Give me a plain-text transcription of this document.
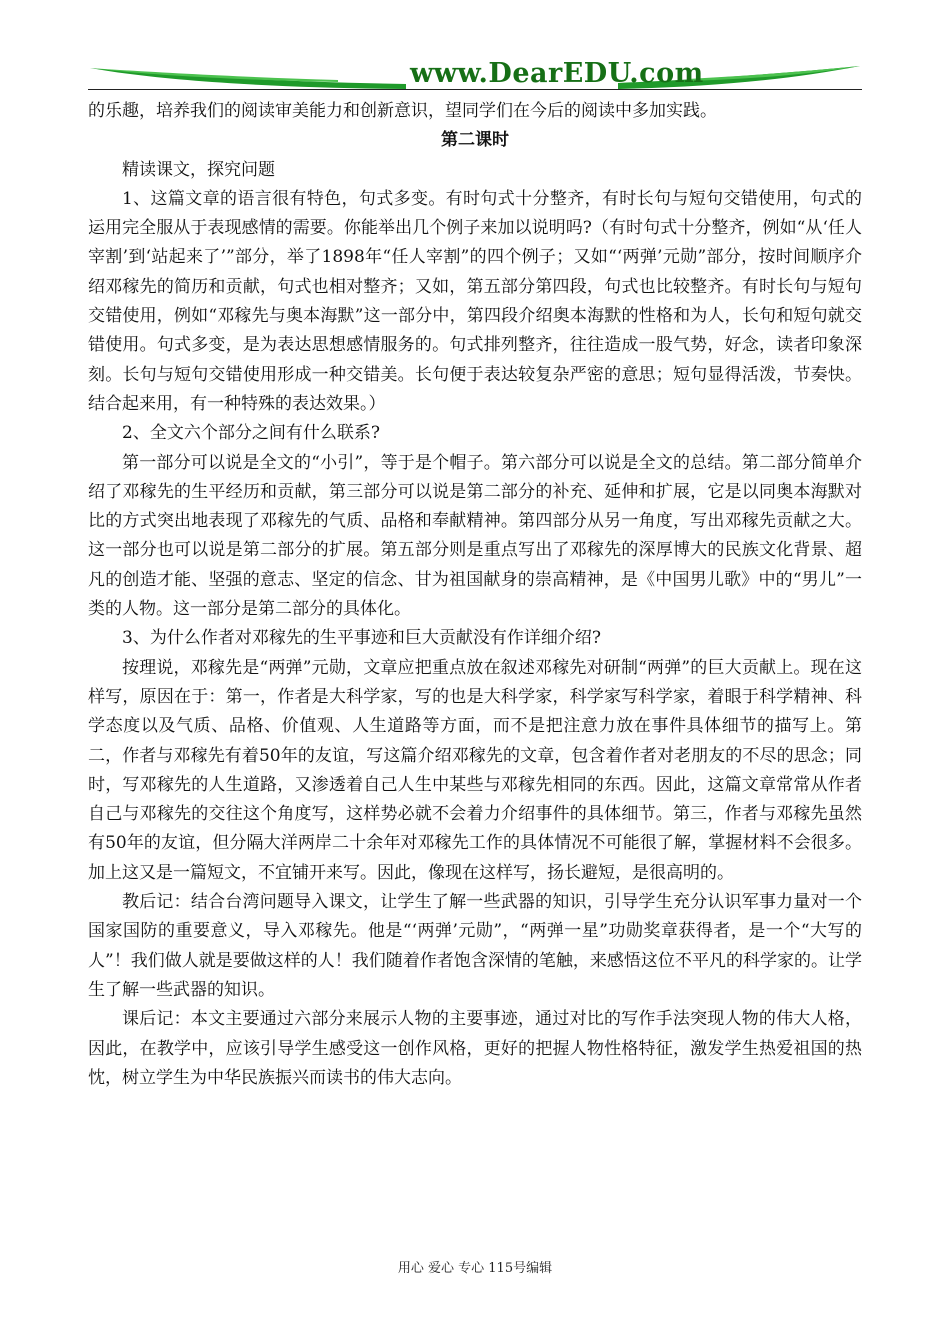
www.DearEDU.com

的乐趣，培养我们的阅读审美能力和创新意识，望同学们在今后的阅读中多加实践。

第二课时

精读课文，探究问题

1、这篇文章的语言很有特色，句式多变。有时句式十分整齐，有时长句与短句交错使用，句式的运用完全服从于表现感情的需要。你能举出几个例子来加以说明吗?（有时句式十分整齐，例如“从‘任人宰割’到‘站起来了’”部分，举了1898年“任人宰割”的四个例子；又如“‘两弹’元勋”部分，按时间顺序介绍邓稼先的简历和贡献，句式也相对整齐；又如，第五部分第四段，句式也比较整齐。有时长句与短句交错使用，例如“邓稼先与奥本海默”这一部分中，第四段介绍奥本海默的性格和为人，长句和短句就交错使用。句式多变，是为表达思想感情服务的。句式排列整齐，往往造成一股气势，好念，读者印象深刻。长句与短句交错使用形成一种交错美。长句便于表达较复杂严密的意思；短句显得活泼，节奏快。结合起来用，有一种特殊的表达效果。）

2、全文六个部分之间有什么联系?

第一部分可以说是全文的“小引”，等于是个帽子。第六部分可以说是全文的总结。第二部分简单介绍了邓稼先的生平经历和贡献，第三部分可以说是第二部分的补充、延伸和扩展，它是以同奥本海默对比的方式突出地表现了邓稼先的气质、品格和奉献精神。第四部分从另一角度，写出邓稼先贡献之大。这一部分也可以说是第二部分的扩展。第五部分则是重点写出了邓稼先的深厚博大的民族文化背景、超凡的创造才能、坚强的意志、坚定的信念、甘为祖国献身的崇高精神，是《中国男儿歌》中的“男儿”一类的人物。这一部分是第二部分的具体化。

3、为什么作者对邓稼先的生平事迹和巨大贡献没有作详细介绍?

按理说，邓稼先是“两弹”元勋，文章应把重点放在叙述邓稼先对研制“两弹”的巨大贡献上。现在这样写，原因在于：第一，作者是大科学家，写的也是大科学家，科学家写科学家，着眼于科学精神、科学态度以及气质、品格、价值观、人生道路等方面，而不是把注意力放在事件具体细节的描写上。第二，作者与邓稼先有着50年的友谊，写这篇介绍邓稼先的文章，包含着作者对老朋友的不尽的思念；同时，写邓稼先的人生道路，又渗透着自己人生中某些与邓稼先相同的东西。因此，这篇文章常常从作者自己与邓稼先的交往这个角度写，这样势必就不会着力介绍事件的具体细节。第三，作者与邓稼先虽然有50年的友谊，但分隔大洋两岸二十余年对邓稼先工作的具体情况不可能很了解，掌握材料不会很多。加上这又是一篇短文，不宜铺开来写。因此，像现在这样写，扬长避短，是很高明的。

教后记：结合台湾问题导入课文，让学生了解一些武器的知识，引导学生充分认识军事力量对一个国家国防的重要意义，导入邓稼先。他是“‘两弹’元勋”，“两弹一星”功勋奖章获得者，是一个“大写的人”！我们做人就是要做这样的人！我们随着作者饱含深情的笔触，来感悟这位不平凡的科学家的。让学生了解一些武器的知识。

课后记：本文主要通过六部分来展示人物的主要事迹，通过对比的写作手法突现人物的伟大人格，因此，在教学中，应该引导学生感受这一创作风格，更好的把握人物性格特征，激发学生热爱祖国的热忱，树立学生为中华民族振兴而读书的伟大志向。

用心 爱心 专心 115号编辑
